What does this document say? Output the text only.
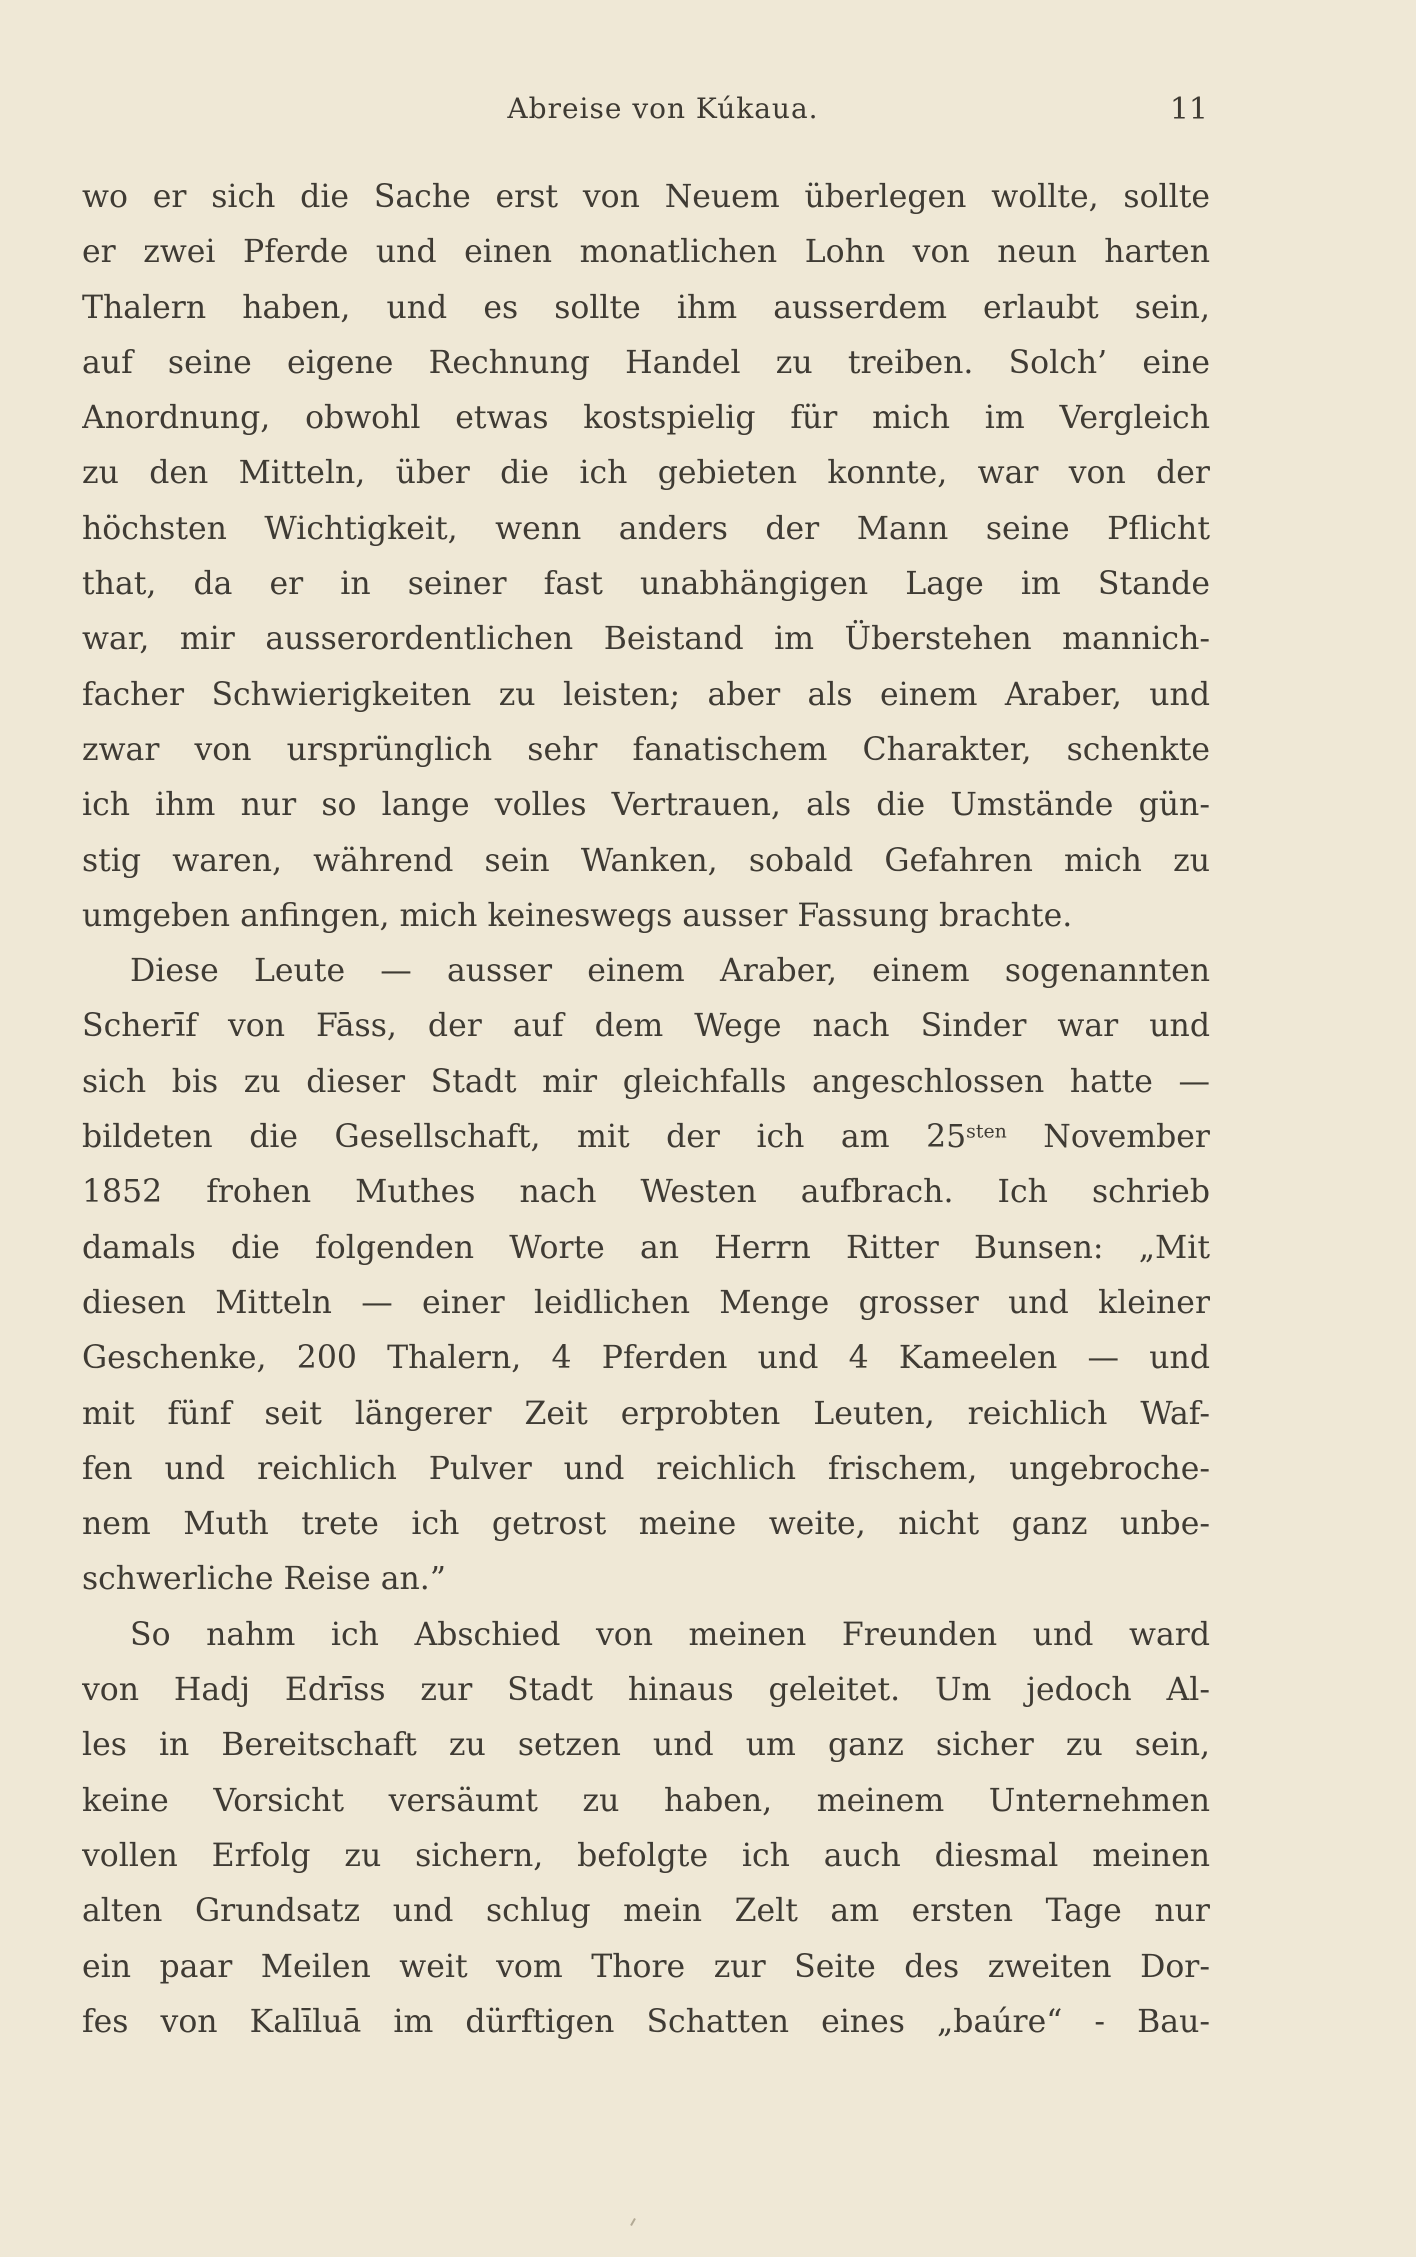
Abreise von Kúkaua.	11
wo er sich die Sache erst von Neuem überlegen wollte, sollte
er zwei Pferde und einen monatlichen Lohn von neun harten
Thalern haben, und es sollte ihm ausserdem erlaubt sein,
auf seine eigene Rechnung Handel zu treiben. Solch’ eine
Anordnung, obwohl etwas kostspielig für mich im Vergleich
zu den Mitteln, über die ich gebieten konnte, war von der
höchsten Wichtigkeit, wenn anders der Mann seine Pflicht
that, da er in seiner fast unabhängigen Lage im Stande
war, mir ausserordentlichen Beistand im Überstehen mannich-
facher Schwierigkeiten zu leisten; aber als einem Araber, und
zwar von ursprünglich sehr fanatischem Charakter, schenkte
ich ihm nur so lange volles Vertrauen, als die Umstände gün-
stig waren, während sein Wanken, sobald Gefahren mich zu
umgeben anfingen, mich keineswegs ausser Fassung brachte.
Diese Leute — ausser einem Araber, einem sogenannten
Scherīf von Fāss, der auf dem Wege nach Sinder war und
sich bis zu dieser Stadt mir gleichfalls angeschlossen hatte —
bildeten die Gesellschaft, mit der ich am $25^{sten}$ November
1852 frohen Muthes nach Westen aufbrach. Ich schrieb
damals die folgenden Worte an Herrn Ritter Bunsen: „Mit
diesen Mitteln — einer leidlichen Menge grosser und kleiner
Geschenke, 200 Thalern, 4 Pferden und 4 Kameelen — und
mit fünf seit längerer Zeit erprobten Leuten, reichlich Waf-
fen und reichlich Pulver und reichlich frischem, ungebroche-
nem Muth trete ich getrost meine weite, nicht ganz unbe-
schwerliche Reise an.”
So nahm ich Abschied von meinen Freunden und ward
von Hadj Edrīss zur Stadt hinaus geleitet. Um jedoch Al-
les in Bereitschaft zu setzen und um ganz sicher zu sein,
keine Vorsicht versäumt zu haben, meinem Unternehmen
vollen Erfolg zu sichern, befolgte ich auch diesmal meinen
alten Grundsatz und schlug mein Zelt am ersten Tage nur
ein paar Meilen weit vom Thore zur Seite des zweiten Dor-
fes von Kalīluā im dürftigen Schatten eines „baúre“ - Bau-
